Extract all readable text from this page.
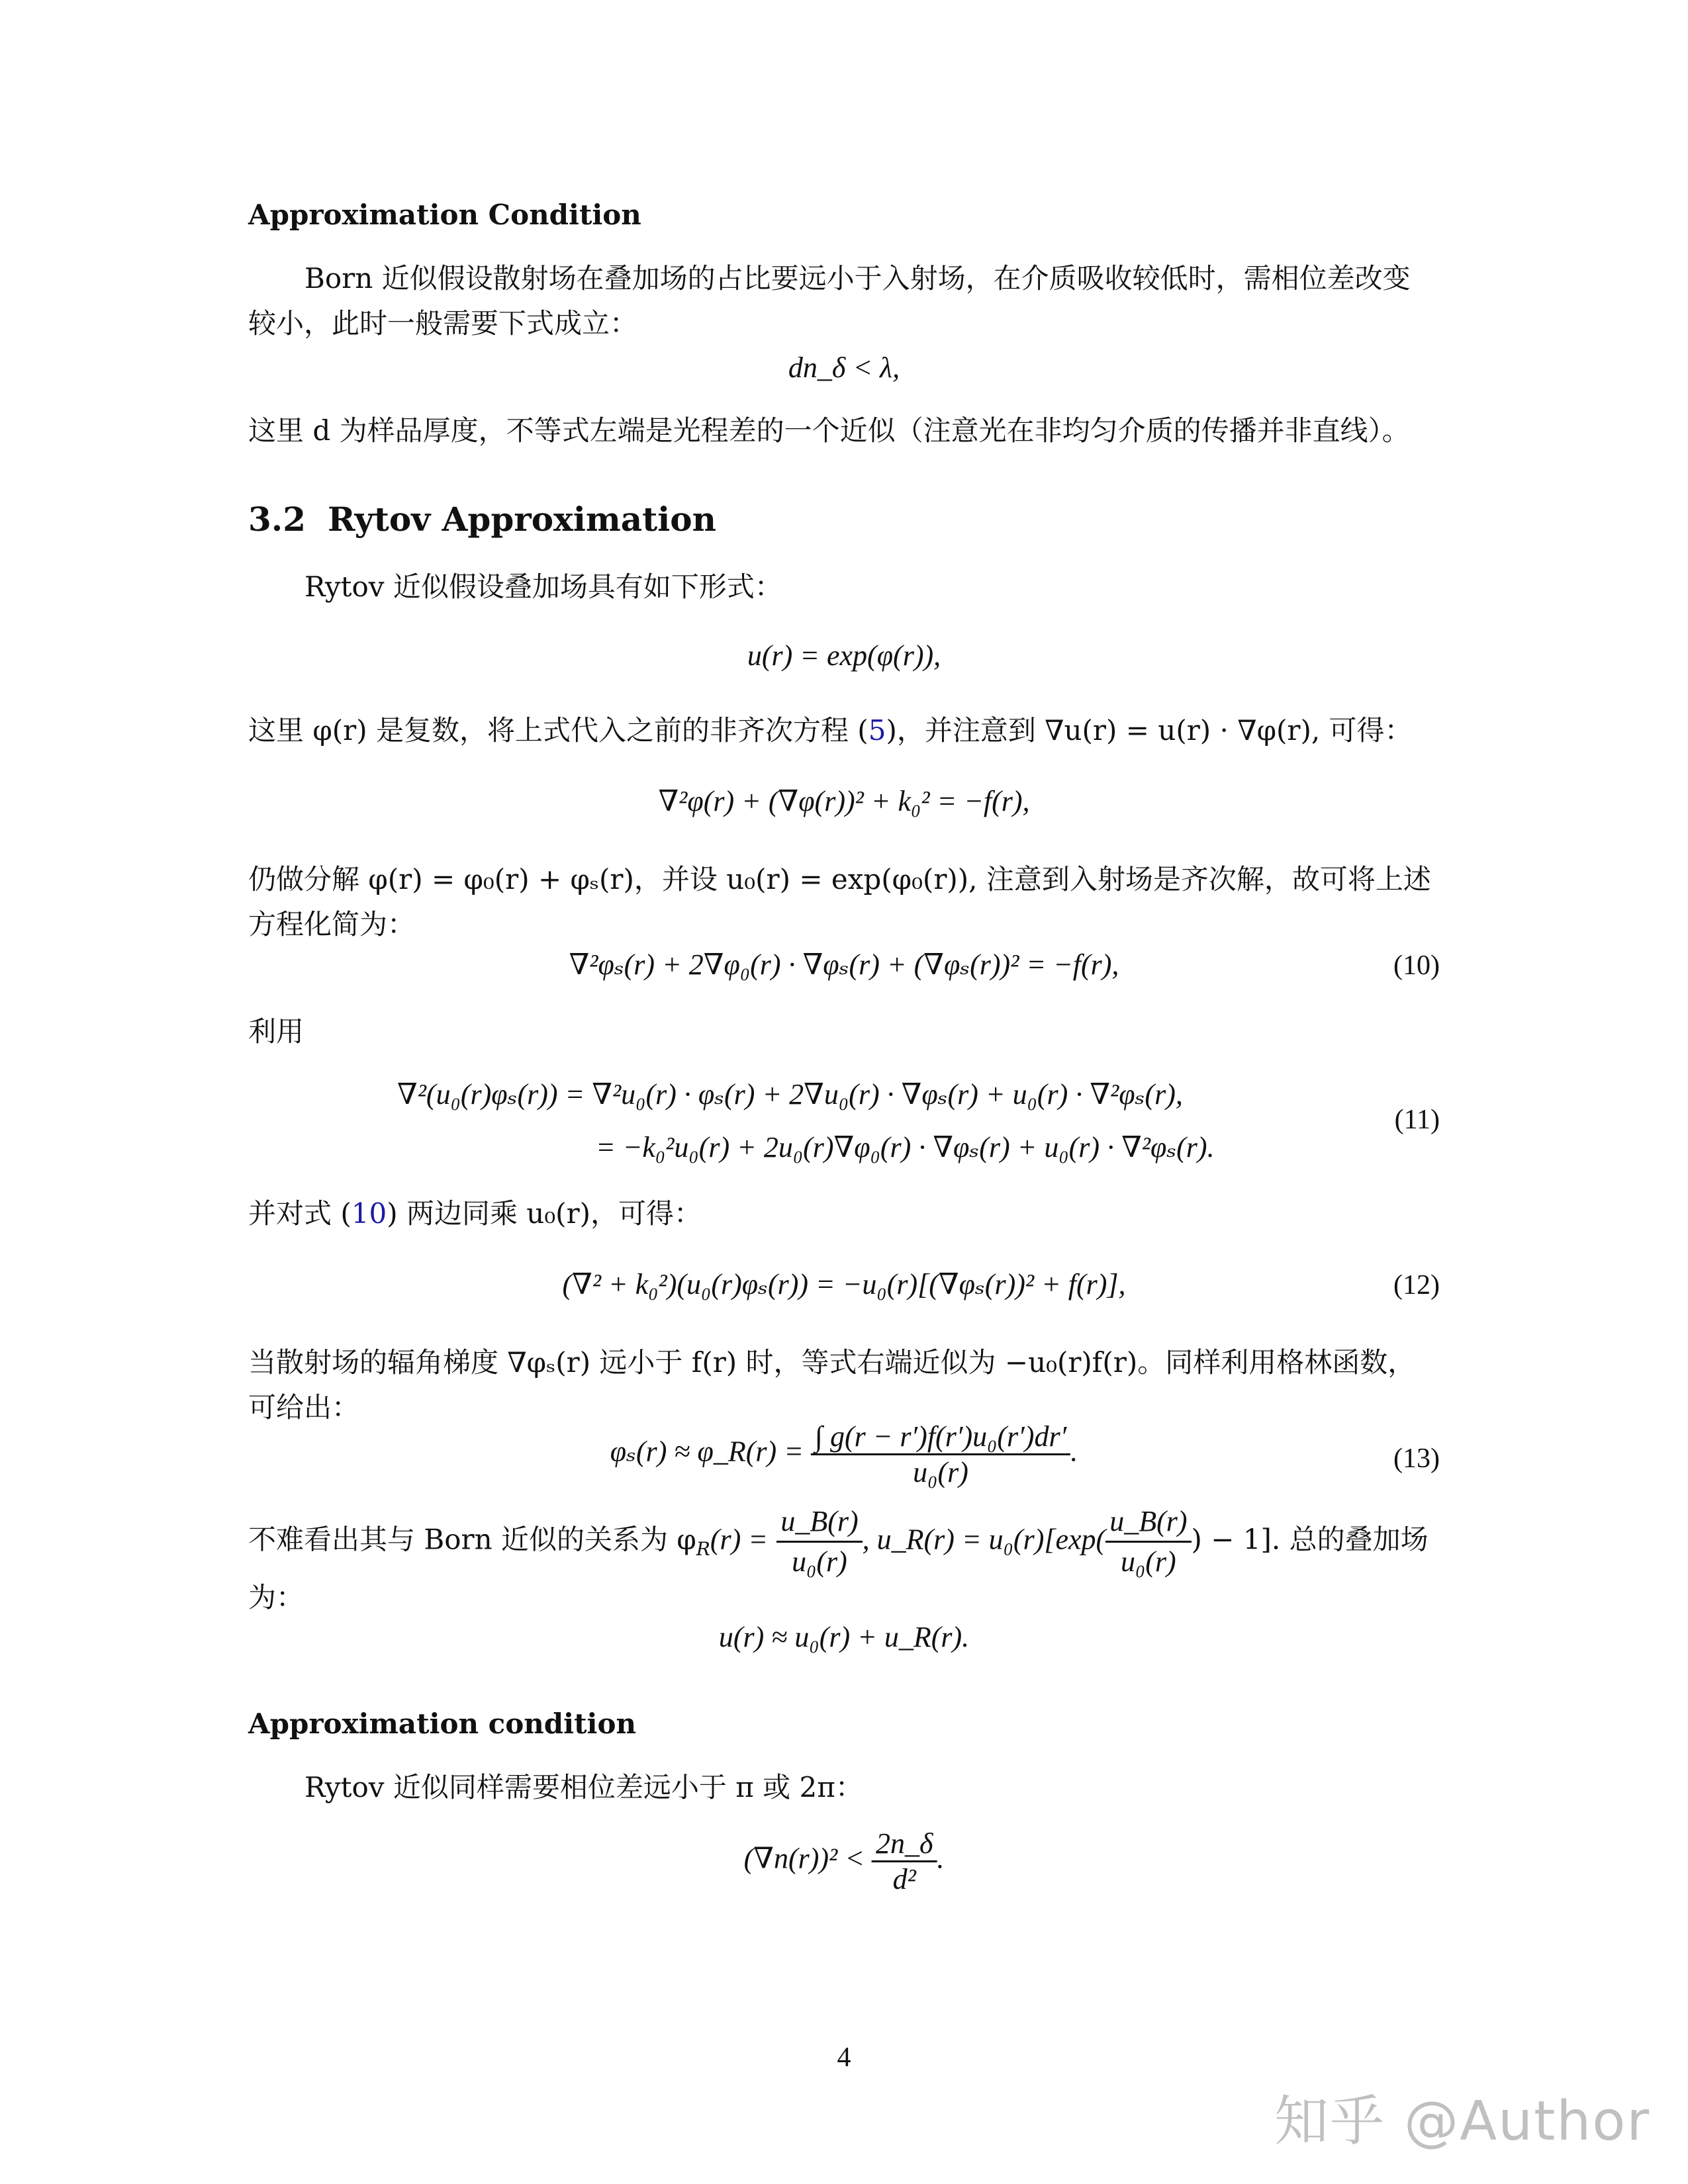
Approximation Condition
Born 近似假设散射场在叠加场的占比要远小于入射场，在介质吸收较低时，需相位差改变
较小，此时一般需要下式成立：
dn_δ < λ,
这里 d 为样品厚度，不等式左端是光程差的一个近似（注意光在非均匀介质的传播并非直线）。
3.2 Rytov Approximation
Rytov 近似假设叠加场具有如下形式：
u(r) = exp(φ(r)),
这里 φ(r) 是复数，将上式代入之前的非齐次方程 (5)，并注意到 ∇u(r) = u(r) · ∇φ(r), 可得：
∇²φ(r) + (∇φ(r))² + k₀² = −f(r),
仍做分解 φ(r) = φ₀(r) + φₛ(r)，并设 u₀(r) = exp(φ₀(r)), 注意到入射场是齐次解，故可将上述
方程化简为：
∇²φₛ(r) + 2∇φ₀(r) · ∇φₛ(r) + (∇φₛ(r))² = −f(r),	(10)
利用
∇²(u₀(r)φₛ(r)) = ∇²u₀(r) · φₛ(r) + 2∇u₀(r) · ∇φₛ(r) + u₀(r) · ∇²φₛ(r),
= −k₀²u₀(r) + 2u₀(r)∇φ₀(r) · ∇φₛ(r) + u₀(r) · ∇²φₛ(r).
(11)
并对式 (10) 两边同乘 u₀(r)，可得：
(∇² + k₀²)(u₀(r)φₛ(r)) = −u₀(r)[(∇φₛ(r))² + f(r)],	(12)
当散射场的辐角梯度 ∇φₛ(r) 远小于 f(r) 时，等式右端近似为 −u₀(r)f(r)。同样利用格林函数，
可给出：
φₛ(r) ≈ φ_R(r) = $\frac{\text{∫ g(r − r′)f(r′)u₀(r′)dr′}}{\text{u₀(r)}}$ .	(13)
不难看出其与 Born 近似的关系为 $\varphi_R(r) = \frac{u\_B(r)}{\text{u₀(r)}}$ , u_R(r) = $u_0(r)[\exp( \frac{u\_B(r)}{\text{u₀(r)}}$ ) − 1]. 总的叠加场
为：
u(r) ≈ u₀(r) + u_R(r).
Approximation condition
Rytov 近似同样需要相位差远小于 π 或 2π：
$(\nabla n(r))^2 < \frac{2n\_\delta}{\text{d²}}$ .
4
知乎 @Author
